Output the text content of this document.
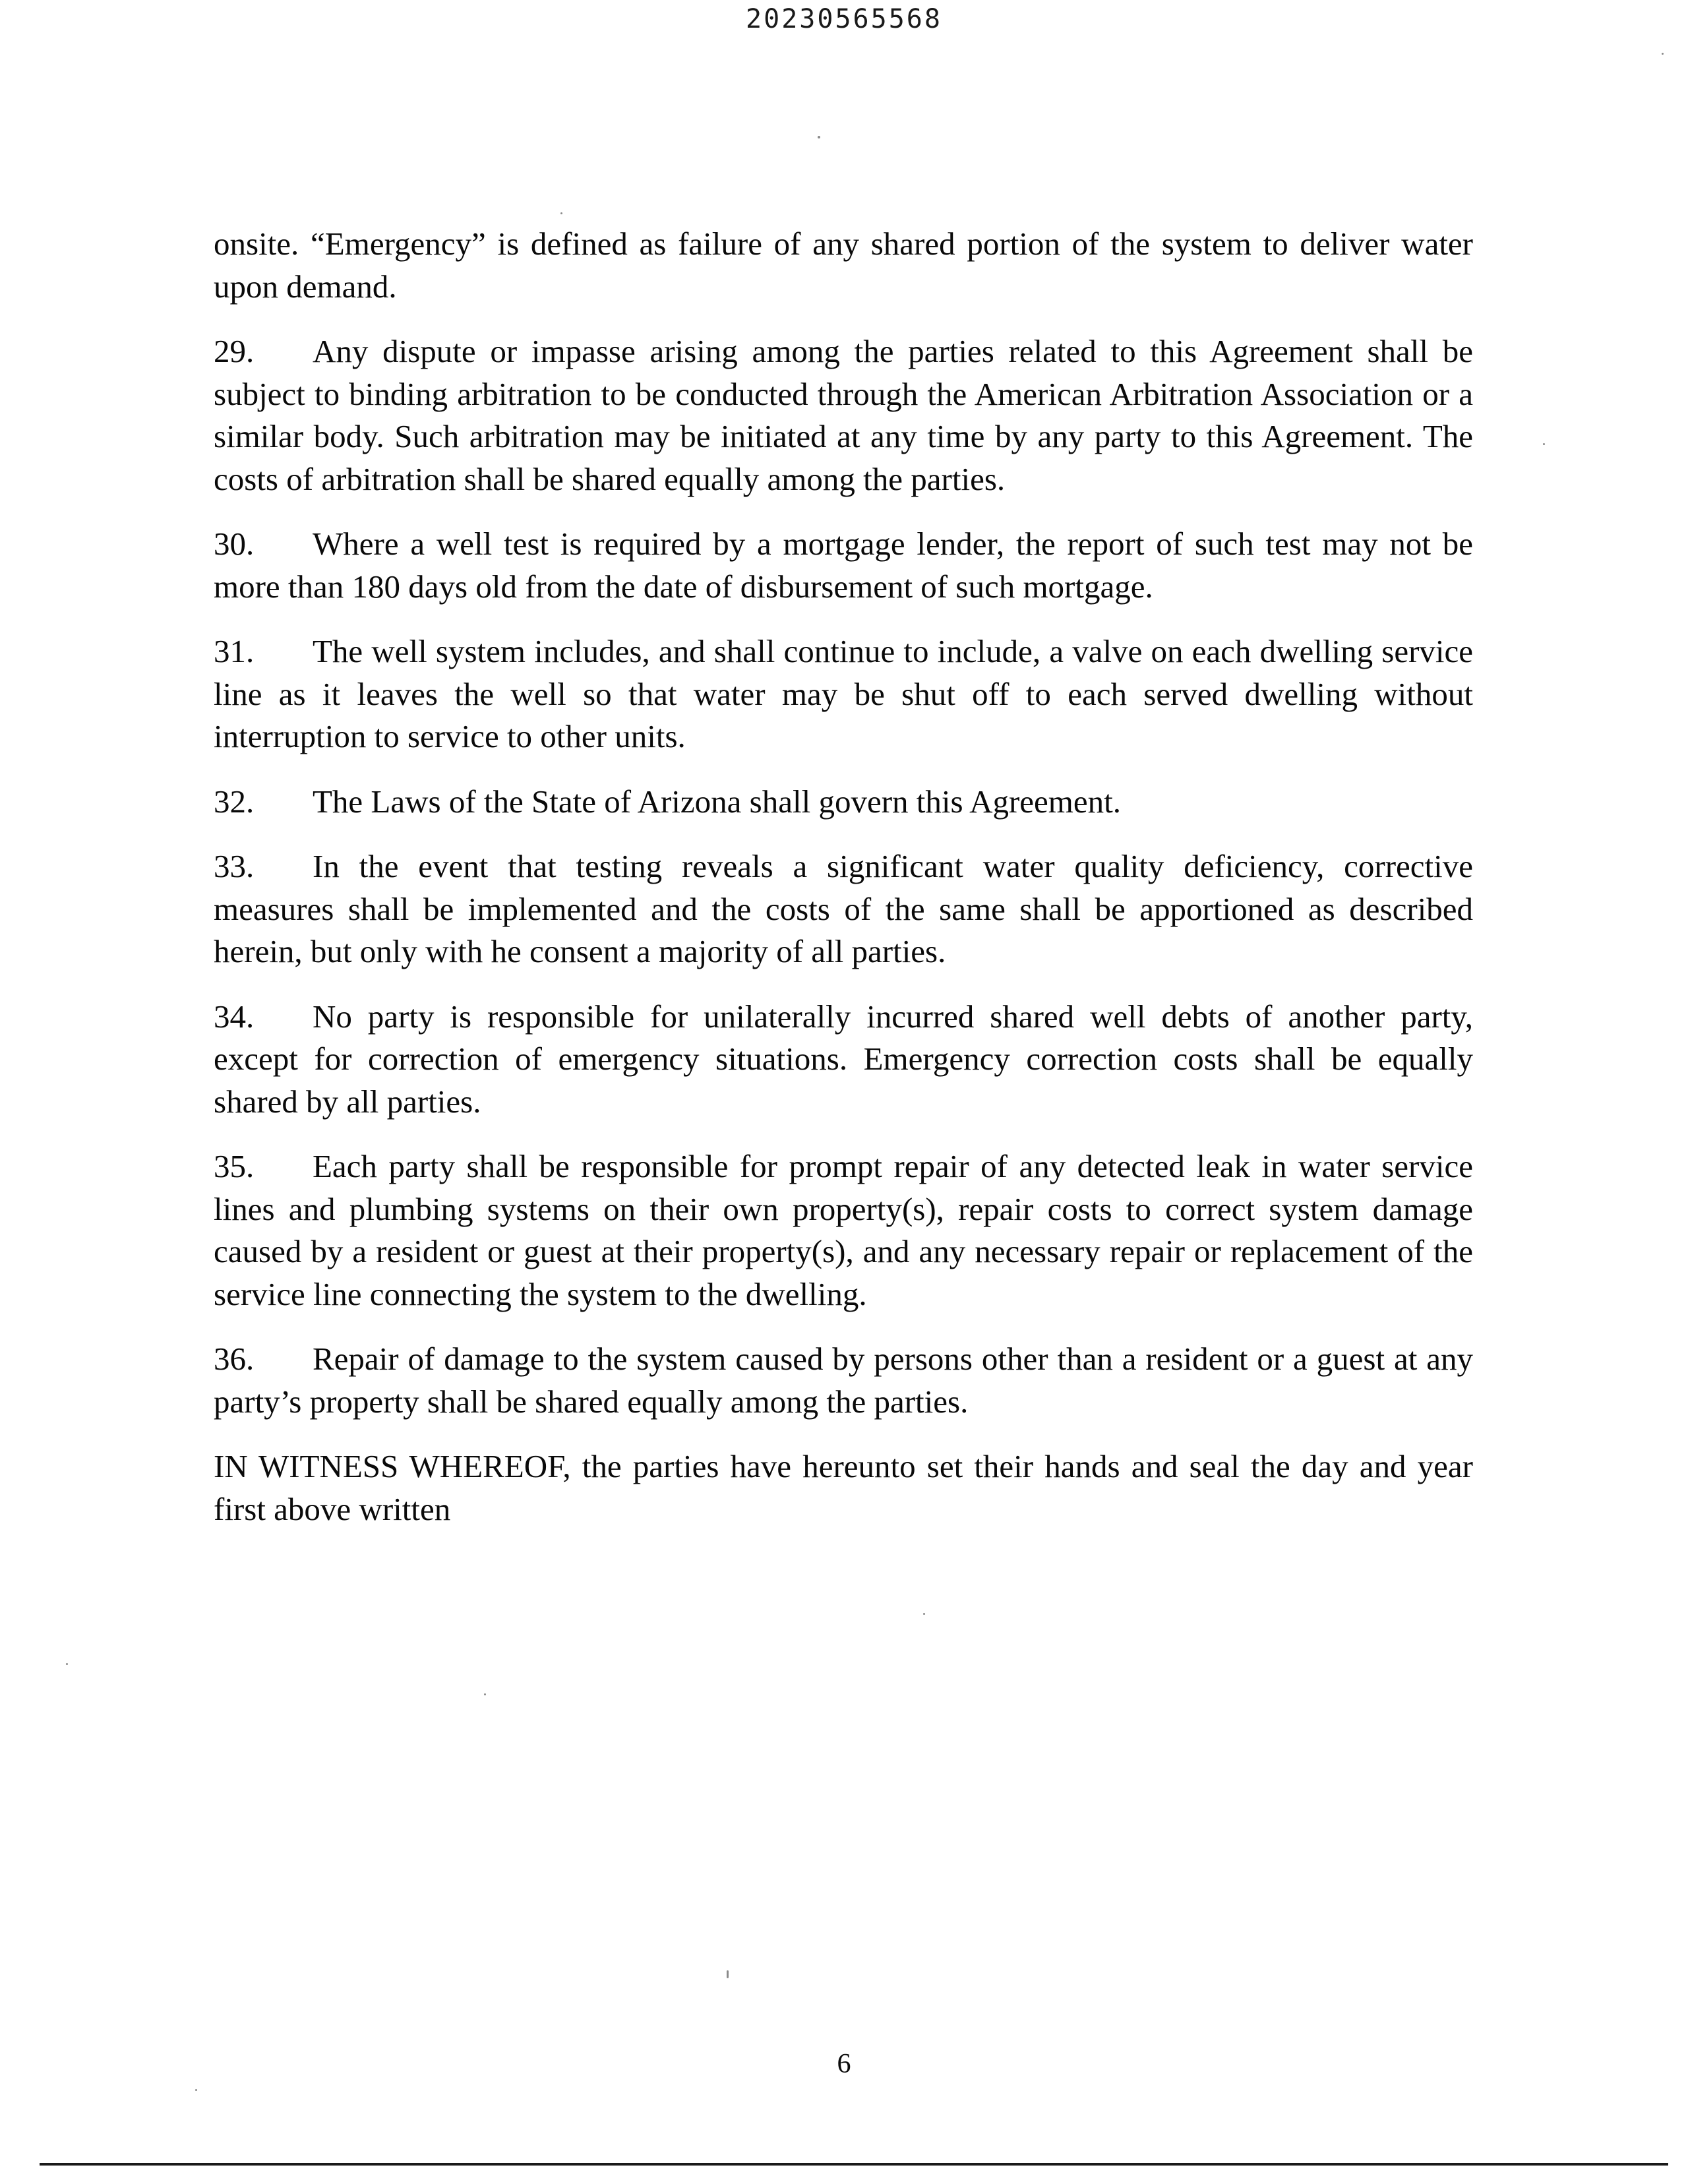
20230565568

onsite. “Emergency” is defined as failure of any shared portion of the system to deliver water upon demand.

29. Any dispute or impasse arising among the parties related to this Agreement shall be subject to binding arbitration to be conducted through the American Arbitration Association or a similar body. Such arbitration may be initiated at any time by any party to this Agreement. The costs of arbitration shall be shared equally among the parties.

30. Where a well test is required by a mortgage lender, the report of such test may not be more than 180 days old from the date of disbursement of such mortgage.

31. The well system includes, and shall continue to include, a valve on each dwelling service line as it leaves the well so that water may be shut off to each served dwelling without interruption to service to other units.

32. The Laws of the State of Arizona shall govern this Agreement.

33. In the event that testing reveals a significant water quality deficiency, corrective measures shall be implemented and the costs of the same shall be apportioned as described herein, but only with he consent a majority of all parties.

34. No party is responsible for unilaterally incurred shared well debts of another party, except for correction of emergency situations. Emergency correction costs shall be equally shared by all parties.

35. Each party shall be responsible for prompt repair of any detected leak in water service lines and plumbing systems on their own property(s), repair costs to correct system damage caused by a resident or guest at their property(s), and any necessary repair or replacement of the service line connecting the system to the dwelling.

36. Repair of damage to the system caused by persons other than a resident or a guest at any party’s property shall be shared equally among the parties.

IN WITNESS WHEREOF, the parties have hereunto set their hands and seal the day and year first above written

6
